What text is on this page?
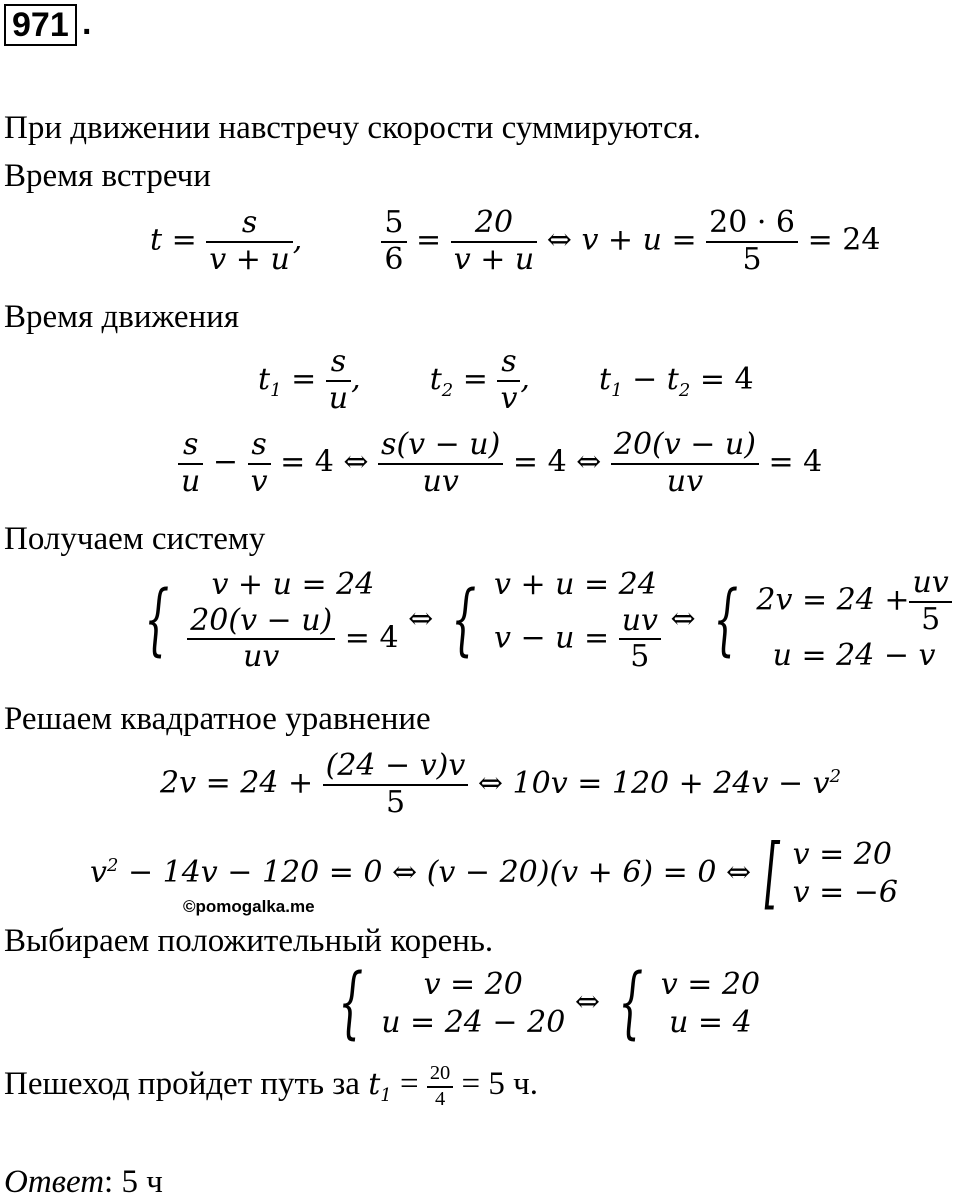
971 .
При движении навстречу скорости суммируются.
Время встречи
$t = \frac{s}{v + u}$ ,	$\frac{5}{6} = \frac{20}{v + u}$ ⇔ $v + u = \frac{20 \cdot 6}{5} = 24$
Время движения
$t_1 = \frac{s}{u}$ ,  $t_2 = \frac{s}{v}$ ,  $t_1 - t_2 = 4$
$\frac{s}{u} - \frac{s}{v} = 4$ ⇔ $\frac{s(v - u)}{uv} = 4$ ⇔ $\frac{20(v - u)}{uv} = 4$
Получаем систему
{	v + u = 24
$\frac{20(v - u)}{uv} = 4$
⇔ { v + u = 24
$v - u = \frac{uv}{5}$ ⇔ { $2v = 24 + \frac{uv}{5}$
u = 24 − v
Решаем квадратное уравнение
$2v = 24 + \frac{(24 - v)v}{5}$ ⇔ $10v = 120 + 24v - v^2$
$v^2 - 14v - 120 = 0$ ⇔ (v − 20)(v + 6) = 0 ⇔ [ v = 20
v = −6
©pomogalka.me
Выбираем положительный корень.
{	v = 20
u = 24 − 20
⇔ { v = 20
u = 4
Пешеход пройдет путь за $t_1 = \frac{20}{4} = 5$ ч.
Ответ: 5 ч
